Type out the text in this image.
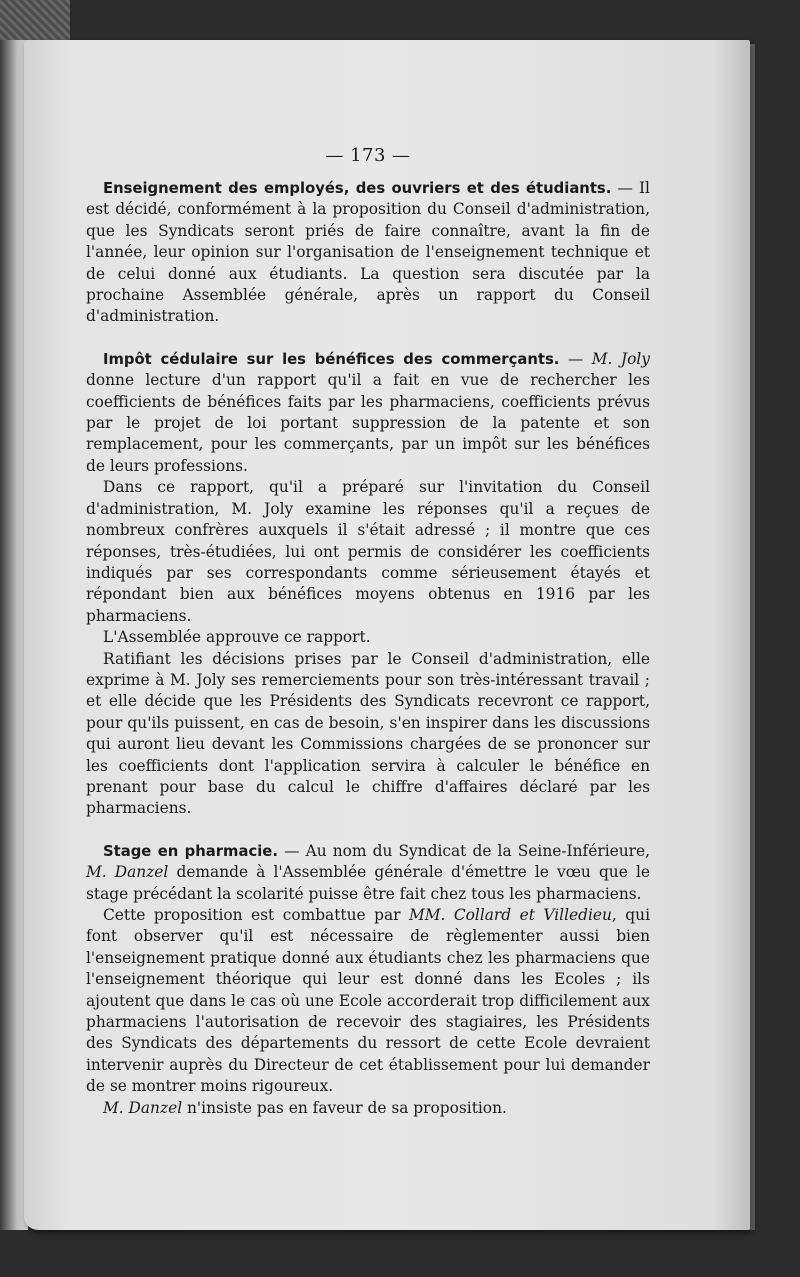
— 173 —

Enseignement des employés, des ouvriers et des étudiants. — Il est décidé, conformément à la proposition du Conseil d'administration, que les Syndicats seront priés de faire connaître, avant la fin de l'année, leur opinion sur l'organisation de l'enseignement technique et de celui donné aux étudiants. La question sera discutée par la prochaine Assemblée générale, après un rapport du Conseil d'administration.

Impôt cédulaire sur les bénéfices des commerçants. — M. Joly donne lecture d'un rapport qu'il a fait en vue de rechercher les coefficients de bénéfices faits par les pharmaciens, coefficients prévus par le projet de loi portant suppression de la patente et son remplacement, pour les commerçants, par un impôt sur les bénéfices de leurs professions.

Dans ce rapport, qu'il a préparé sur l'invitation du Conseil d'administration, M. Joly examine les réponses qu'il a reçues de nombreux confrères auxquels il s'était adressé ; il montre que ces réponses, très-étudiées, lui ont permis de considérer les coefficients indiqués par ses correspondants comme sérieusement étayés et répondant bien aux bénéfices moyens obtenus en 1916 par les pharmaciens.

L'Assemblée approuve ce rapport.

Ratifiant les décisions prises par le Conseil d'administration, elle exprime à M. Joly ses remerciements pour son très-intéressant travail ; et elle décide que les Présidents des Syndicats recevront ce rapport, pour qu'ils puissent, en cas de besoin, s'en inspirer dans les discussions qui auront lieu devant les Commissions chargées de se prononcer sur les coefficients dont l'application servira à calculer le bénéfice en prenant pour base du calcul le chiffre d'affaires déclaré par les pharmaciens.

Stage en pharmacie. — Au nom du Syndicat de la Seine-Inférieure, M. Danzel demande à l'Assemblée générale d'émettre le vœu que le stage précédant la scolarité puisse être fait chez tous les pharmaciens.

Cette proposition est combattue par MM. Collard et Villedieu, qui font observer qu'il est nécessaire de règlementer aussi bien l'enseignement pratique donné aux étudiants chez les pharmaciens que l'enseignement théorique qui leur est donné dans les Ecoles ; ils ajoutent que dans le cas où une Ecole accorderait trop difficilement aux pharmaciens l'autorisation de recevoir des stagiaires, les Présidents des Syndicats des départements du ressort de cette Ecole devraient intervenir auprès du Directeur de cet établissement pour lui demander de se montrer moins rigoureux.

M. Danzel n'insiste pas en faveur de sa proposition.
